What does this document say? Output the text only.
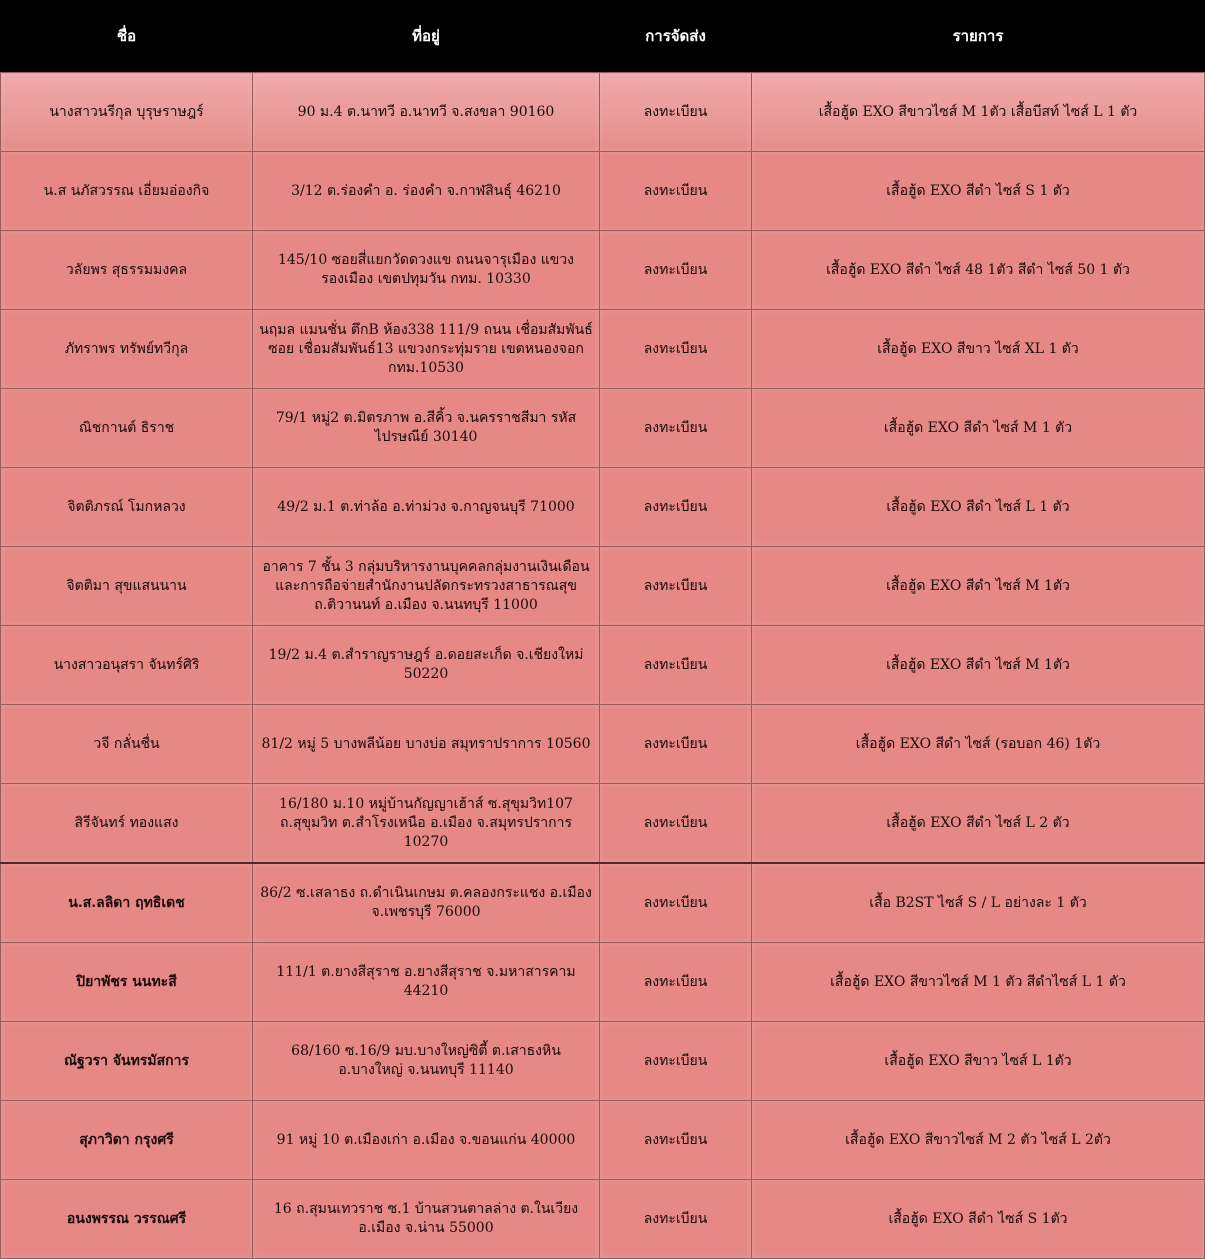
ชื่อ	ที่อยู่	การจัดส่ง	รายการ
นางสาวนรีกุล บุรุษราษฎร์	90 ม.4 ต.นาทวี อ.นาทวี จ.สงขลา 90160	ลงทะเบียน	เสื้อฮู้ด EXO สีขาวไซส์ M 1ตัว เสื้อบีสท์ ไซส์ L 1 ตัว
น.ส นภัสวรรณ เอี่ยมอ่องกิจ	3/12 ต.ร่องคำ อ. ร่องคำ จ.กาฬสินธุ์ 46210	ลงทะเบียน	เสื้อฮู้ด EXO สีดำ ไซส์ S 1 ตัว
วลัยพร สุธรรมมงคล	145/10 ซอยสี่แยกวัดดวงแข ถนนจารุเมือง แขวงรองเมือง เขตปทุมวัน กทม. 10330	ลงทะเบียน	เสื้อฮู้ด EXO สีดำ ไซส์ 48 1ตัว สีดำ ไซส์ 50 1 ตัว
ภัทราพร ทรัพย์ทวีกุล	นฤมล แมนชั่น ตึกB ห้อง338 111/9 ถนน เชื่อมสัมพันธ์ ซอย เชื่อมสัมพันธ์13 แขวงกระทุ่มราย เขตหนองจอก กทม.10530	ลงทะเบียน	เสื้อฮู้ด EXO สีขาว ไซส์ XL 1 ตัว
ณิชกานต์ ธิราช	79/1 หมู่2 ต.มิตรภาพ อ.สีคิ้ว จ.นครราชสีมา รหัสไปรษณีย์ 30140	ลงทะเบียน	เสื้อฮู้ด EXO สีดำ ไซส์ M 1 ตัว
จิตติภรณ์ โมกหลวง	49/2 ม.1 ต.ท่าล้อ อ.ท่าม่วง จ.กาญจนบุรี 71000	ลงทะเบียน	เสื้อฮู้ด EXO สีดำ ไซส์ L 1 ตัว
จิตติมา สุขแสนนาน	อาคาร 7 ชั้น 3 กลุ่มบริหารงานบุคคลกลุ่มงานเงินเดือนและการถือจ่ายสำนักงานปลัดกระทรวงสาธารณสุข ถ.ติวานนท์ อ.เมือง จ.นนทบุรี 11000	ลงทะเบียน	เสื้อฮู้ด EXO สีดำ ไซส์ M 1ตัว
นางสาวอนุสรา จันทร์ศิริ	19/2 ม.4 ต.สำราญราษฎร์ อ.ดอยสะเก็ด จ.เชียงใหม่ 50220	ลงทะเบียน	เสื้อฮู้ด EXO สีดำ ไซส์ M 1ตัว
วจี กลั่นชื่น	81/2 หมู่ 5 บางพลีน้อย บางบ่อ สมุทราปราการ 10560	ลงทะเบียน	เสื้อฮู้ด EXO สีดำ ไซส์ (รอบอก 46) 1ตัว
สิรีจันทร์ ทองแสง	16/180 ม.10 หมู่บ้านกัญญาเฮ้าส์ ซ.สุขุมวิท107 ถ.สุขุมวิท ต.สำโรงเหนือ อ.เมือง จ.สมุทรปราการ 10270	ลงทะเบียน	เสื้อฮู้ด EXO สีดำ ไซส์ L 2 ตัว
น.ส.ลลิดา ฤทธิเดช	86/2 ซ.เสลาธง ถ.ดำเนินเกษม ต.คลองกระแชง อ.เมือง จ.เพชรบุรี 76000	ลงทะเบียน	เสื้อ B2ST ไซส์ S / L อย่างละ 1 ตัว
ปิยาพัชร นนทะสี	111/1 ต.ยางสีสุราช อ.ยางสีสุราช จ.มหาสารคาม 44210	ลงทะเบียน	เสื้อฮู้ด EXO สีขาวไซส์ M 1 ตัว สีดำไซส์ L 1 ตัว
ณัฐวรา จันทรมัสการ	68/160 ซ.16/9 มบ.บางใหญ่ซิตี้ ต.เสาธงหิน อ.บางใหญ่ จ.นนทบุรี 11140	ลงทะเบียน	เสื้อฮู้ด EXO สีขาว ไซส์ L 1ตัว
สุภาวิดา กรุงศรี	91 หมู่ 10 ต.เมืองเก่า อ.เมือง จ.ขอนแก่น 40000	ลงทะเบียน	เสื้อฮู้ด EXO สีขาวไซส์ M 2 ตัว ไซส์ L 2ตัว
อนงพรรณ วรรณศรี	16 ถ.สุมนเทวราช ซ.1 บ้านสวนตาลล่าง ต.ในเวียง อ.เมือง จ.น่าน 55000	ลงทะเบียน	เสื้อฮู้ด EXO สีดำ ไซส์ S 1ตัว
